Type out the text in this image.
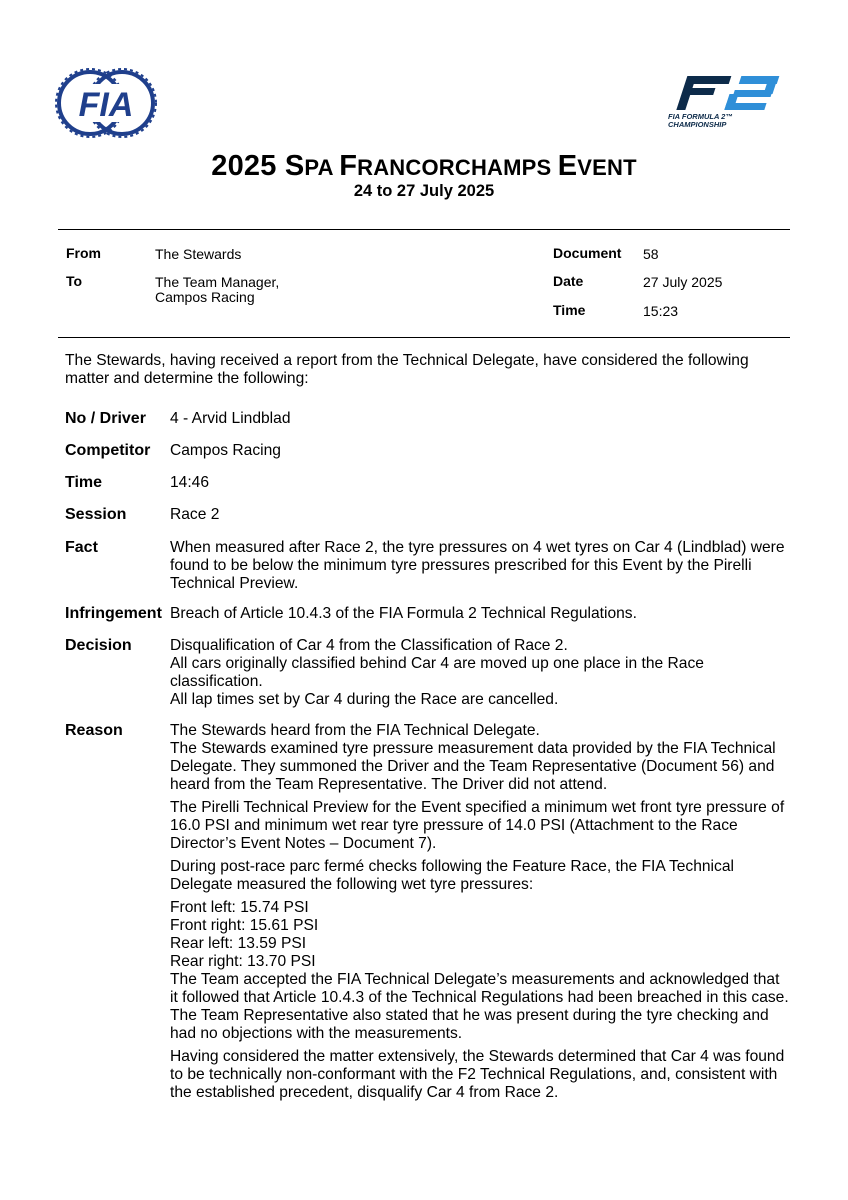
FIA	FIA FORMULA 2™
CHAMPIONSHIP
2025 SPA FRANCORCHAMPS EVENT
24 to 27 July 2025
From	The Stewards
To	The Team Manager,
Campos Racing
Document 58
Date	27 July 2025
Time	15:23
The Stewards, having received a report from the Technical Delegate, have considered the following matter and determine the following:
No / Driver 4 - Arvid Lindblad
Competitor Campos Racing
Time	14:46
Session	Race 2
Fact	When measured after Race 2, the tyre pressures on 4 wet tyres on Car 4 (Lindblad) were found to be below the minimum tyre pressures prescribed for this Event by the Pirelli Technical Preview.
Infringement Breach of Article 10.4.3 of the FIA Formula 2 Technical Regulations.
Decision Disqualification of Car 4 from the Classification of Race 2.
All cars originally classified behind Car 4 are moved up one place in the Race classification.
All lap times set by Car 4 during the Race are cancelled.
Reason	The Stewards heard from the FIA Technical Delegate.
The Stewards examined tyre pressure measurement data provided by the FIA Technical Delegate. They summoned the Driver and the Team Representative (Document 56) and heard from the Team Representative. The Driver did not attend.

The Pirelli Technical Preview for the Event specified a minimum wet front tyre pressure of 16.0 PSI and minimum wet rear tyre pressure of 14.0 PSI (Attachment to the Race Director’s Event Notes – Document 7).

During post-race parc fermé checks following the Feature Race, the FIA Technical Delegate measured the following wet tyre pressures:

Front left: 15.74 PSI
Front right: 15.61 PSI
Rear left: 13.59 PSI
Rear right: 13.70 PSI
The Team accepted the FIA Technical Delegate’s measurements and acknowledged that it followed that Article 10.4.3 of the Technical Regulations had been breached in this case. The Team Representative also stated that he was present during the tyre checking and had no objections with the measurements.

Having considered the matter extensively, the Stewards determined that Car 4 was found to be technically non-conformant with the F2 Technical Regulations, and, consistent with the established precedent, disqualify Car 4 from Race 2.
